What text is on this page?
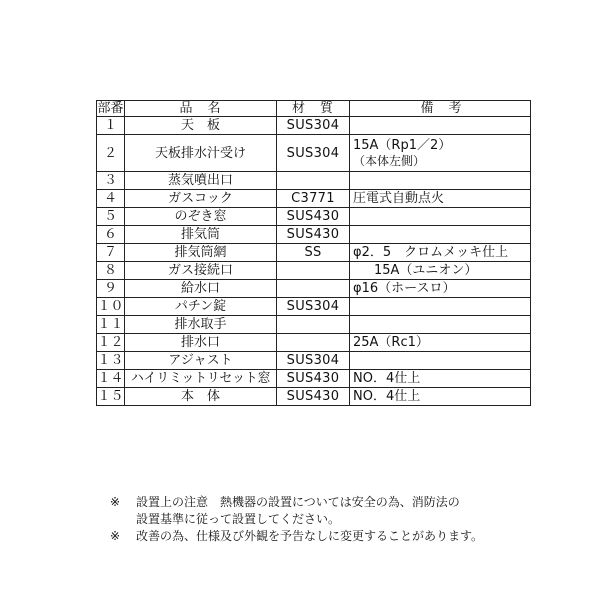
部番	品　名	材　質	備　考
１	天　板	SUS304	
２	天板排水汁受け	SUS304	15A（Rp1／2）
（本体左側）

３	蒸気噴出口		
４	ガスコック	C3771	圧電式自動点火
５	のぞき窓	SUS430	
６	排気筒	SUS430	
７	排気筒網	SS	φ2．5　クロムメッキ仕上
８	ガス接続口		15A（ユニオン）
９	給水口		φ16（ホースロ）
１０	パチン錠	SUS304	
１１	排水取手		
１２	排水口		25A（Rc1）
１３	アジャスト	SUS304	
１４	ハイリミットリセット窓	SUS430	NO．4仕上
１５	本　体	SUS430	NO．4仕上
※	設置上の注意　熱機器の設置については安全の為、消防法の
設置基準に従って設置してください。
※	改善の為、仕様及び外観を予告なしに変更することがあります。
